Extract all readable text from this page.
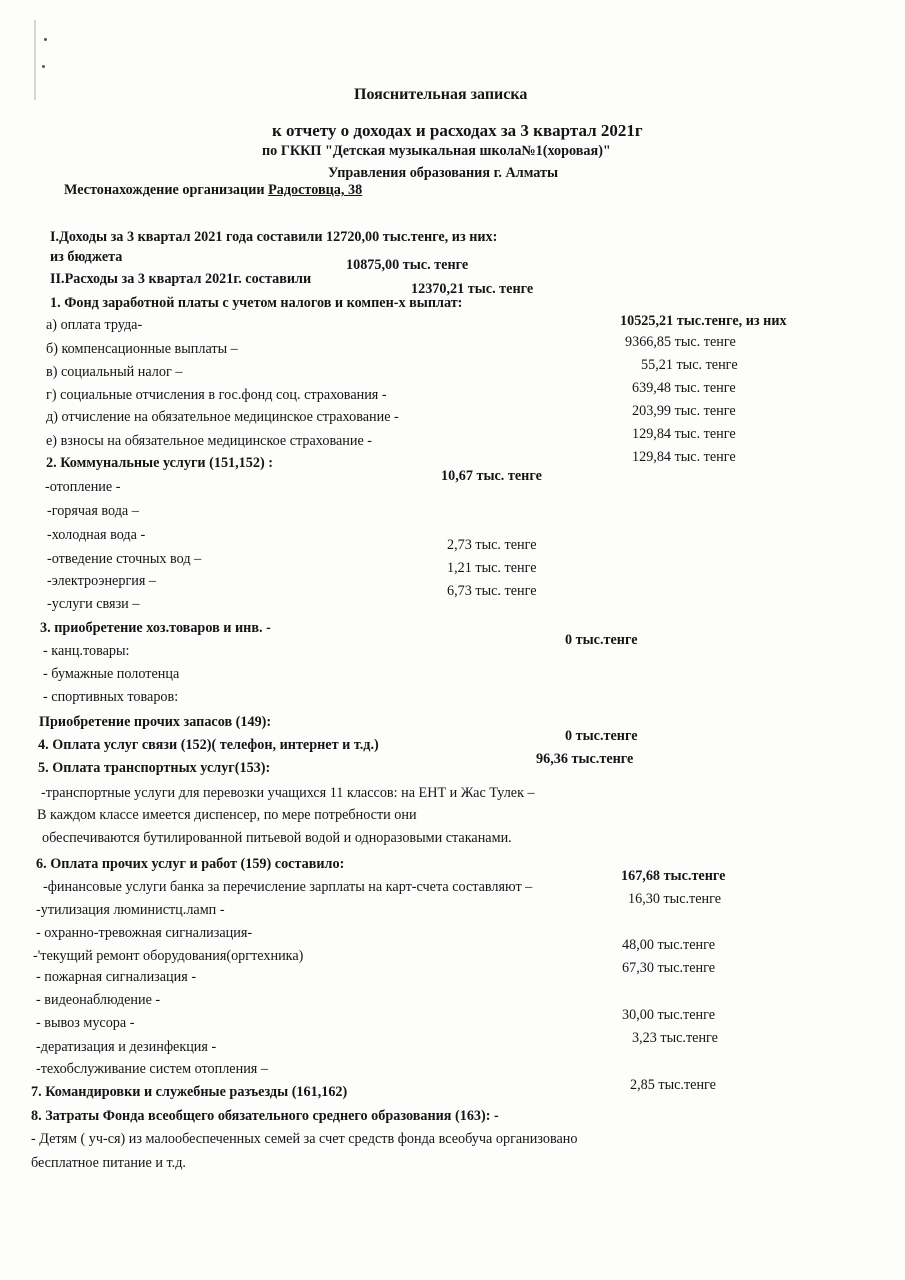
Пояснительная записка
к отчету о доходах и расходах за 3 квартал 2021г
по ГККП "Детская музыкальная школа№1(хоровая)"
Управления образования г. Алматы
Местонахождение организации Радостовца, 38
I.Доходы за 3 квартал 2021 года составили 12720,00 тыс.тенге, из них:
из бюджета	10875,00 тыс. тенге
II.Расходы за 3 квартал 2021г. составили
12370,21 тыс. тенге
1. Фонд заработной платы с учетом налогов и компен-х выплат:
10525,21 тыс.тенге, из них
а) оплата труда-
б) компенсационные выплаты –
в) социальный налог –
г) социальные отчисления в гос.фонд соц. страхования -
д) отчисление на обязательное медицинское страхование -
е) взносы на обязательное медицинское страхование -
9366,85 тыс. тенге
55,21 тыс. тенге
639,48 тыс. тенге
203,99 тыс. тенге
129,84 тыс. тенге
129,84 тыс. тенге
2. Коммунальные услуги (151,152) :
10,67 тыс. тенге
-отопление -
-горячая вода –
-холодная вода -
-отведение сточных вод –
-электроэнергия –
-услуги связи –
2,73 тыс. тенге
1,21 тыс. тенге
6,73 тыс. тенге
3. приобретение хоз.товаров и инв. -
0 тыс.тенге
- канц.товары:
- бумажные полотенца
- спортивных товаров:
Приобретение прочих запасов (149):
0 тыс.тенге
4. Оплата услуг связи (152)( телефон, интернет и т.д.)
96,36 тыс.тенге
5. Оплата транспортных услуг(153):
-транспортные услуги для перевозки учащихся 11 классов: на ЕНТ и Жас Тулек –
В каждом классе имеется диспенсер, по мере потребности они
обеспечиваются бутилированной питьевой водой и одноразовыми стаканами.
6. Оплата прочих услуг и работ (159) составило:
167,68 тыс.тенге
-финансовые услуги банка за перечисление зарплаты на карт-счета составляют –
-утилизация люминистц.ламп -
- охранно-тревожная сигнализация-
-'текущий ремонт оборудования(оргтехника)
- пожарная сигнализация -
- видеонаблюдение -
- вывоз мусора -
-дератизация и дезинфекция -
-техобслуживание систем отопления –
16,30 тыс.тенге
48,00 тыс.тенге
67,30 тыс.тенге
30,00 тыс.тенге
3,23 тыс.тенге
2,85 тыс.тенге
7. Командировки и служебные разъезды (161,162)
8. Затраты Фонда всеобщего обязательного среднего образования (163): -
- Детям ( уч-ся) из малообеспеченных семей за счет средств фонда всеобуча организовано
бесплатное питание и т.д.
